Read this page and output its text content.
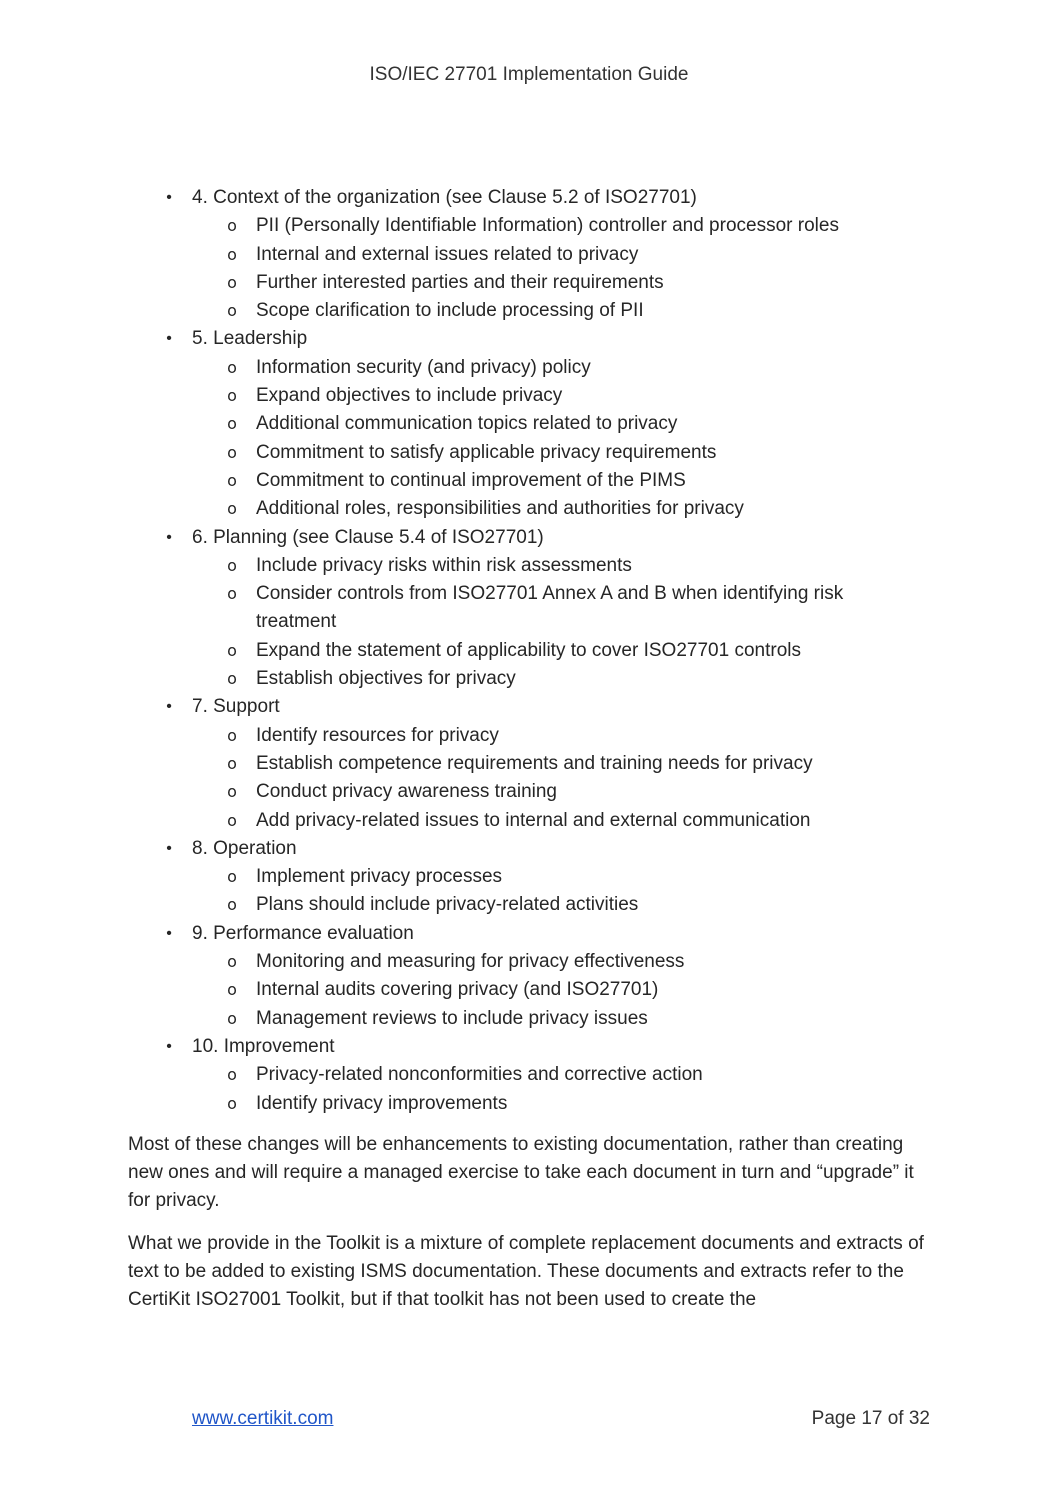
ISO/IEC 27701 Implementation Guide
•	4. Context of the organization (see Clause 5.2 of ISO27701)
o PII (Personally Identifiable Information) controller and processor roles
o Internal and external issues related to privacy
o Further interested parties and their requirements
o Scope clarification to include processing of PII
•	5. Leadership
o Information security (and privacy) policy
o Expand objectives to include privacy
o Additional communication topics related to privacy
o Commitment to satisfy applicable privacy requirements
o Commitment to continual improvement of the PIMS
o Additional roles, responsibilities and authorities for privacy
•	6. Planning (see Clause 5.4 of ISO27701)
o Include privacy risks within risk assessments
o Consider controls from ISO27701 Annex A and B when identifying risk treatment
o Expand the statement of applicability to cover ISO27701 controls
o Establish objectives for privacy
•	7. Support
o Identify resources for privacy
o Establish competence requirements and training needs for privacy
o Conduct privacy awareness training
o Add privacy-related issues to internal and external communication
•	8. Operation
o Implement privacy processes
o Plans should include privacy-related activities
•	9. Performance evaluation
o Monitoring and measuring for privacy effectiveness
o Internal audits covering privacy (and ISO27701)
o Management reviews to include privacy issues
•	10. Improvement
o Privacy-related nonconformities and corrective action
o Identify privacy improvements

Most of these changes will be enhancements to existing documentation, rather than creating new ones and will require a managed exercise to take each document in turn and “upgrade” it for privacy.

What we provide in the Toolkit is a mixture of complete replacement documents and extracts of text to be added to existing ISMS documentation. These documents and extracts refer to the CertiKit ISO27001 Toolkit, but if that toolkit has not been used to create the

www.certikit.com	Page 17 of 32
